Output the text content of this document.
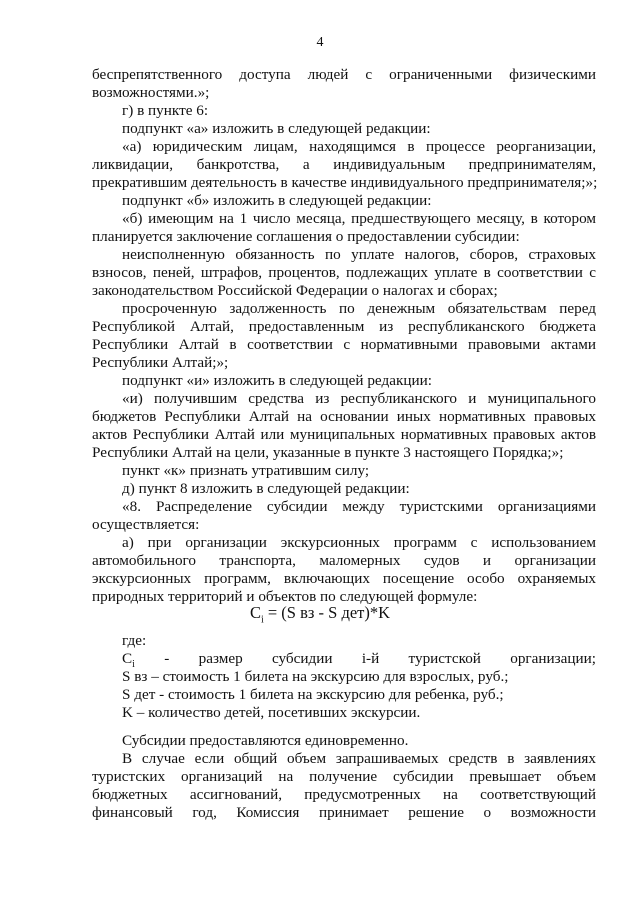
4
беспрепятственного доступа людей с ограниченными физическими
возможностями.»;
г) в пункте 6:
подпункт «а» изложить в следующей редакции:
«а) юридическим лицам, находящимся в процессе реорганизации,
ликвидации, банкротства, а индивидуальным предпринимателям,
прекратившим деятельность в качестве индивидуального предпринимателя;»;
подпункт «б» изложить в следующей редакции:
«б) имеющим на 1 число месяца, предшествующего месяцу, в котором
планируется заключение соглашения о предоставлении субсидии:
неисполненную обязанность по уплате налогов, сборов, страховых
взносов, пеней, штрафов, процентов, подлежащих уплате в соответствии с
законодательством Российской Федерации о налогах и сборах;
просроченную задолженность по денежным обязательствам перед
Республикой Алтай, предоставленным из республиканского бюджета
Республики Алтай в соответствии с нормативными правовыми актами
Республики Алтай;»;
подпункт «и» изложить в следующей редакции:
«и) получившим средства из республиканского и муниципального
бюджетов Республики Алтай на основании иных нормативных правовых
актов Республики Алтай или муниципальных нормативных правовых актов
Республики Алтай на цели, указанные в пункте 3 настоящего Порядка;»;
пункт «к» признать утратившим силу;
д) пункт 8 изложить в следующей редакции:
«8. Распределение субсидии между туристскими организациями
осуществляется:
а) при организации экскурсионных программ с использованием
автомобильного транспорта, маломерных судов и организации
экскурсионных программ, включающих посещение особо охраняемых
природных территорий и объектов по следующей формуле:
$C_i = (S$ вз - S дет)*K
где:
$C_i$ - размер субсидии i-й туристской организации;
S вз – стоимость 1 билета на экскурсию для взрослых, руб.;
S дет - стоимость 1 билета на экскурсию для ребенка, руб.;
K – количество детей, посетивших экскурсии.
Субсидии предоставляются единовременно.
В случае если общий объем запрашиваемых средств в заявлениях
туристских организаций на получение субсидии превышает объем
бюджетных ассигнований, предусмотренных на соответствующий
финансовый год, Комиссия принимает решение о возможности
